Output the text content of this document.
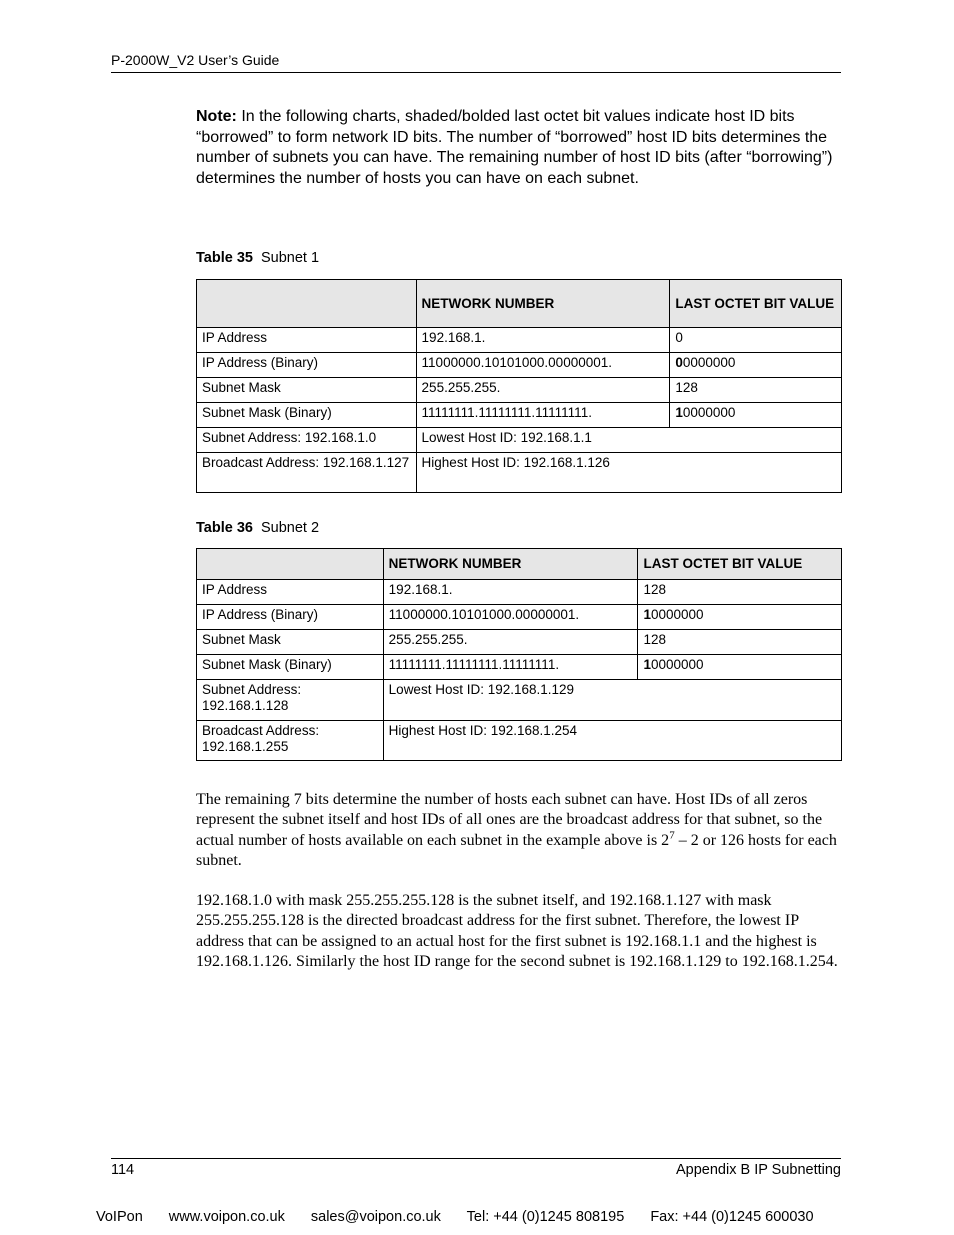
P-2000W_V2 User’s Guide
Note: In the following charts, shaded/bolded last octet bit values indicate host ID bits “borrowed” to form network ID bits. The number of “borrowed” host ID bits determines the number of subnets you can have. The remaining number of host ID bits (after “borrowing”) determines the number of hosts you can have on each subnet.
Table 35 Subnet 1
	NETWORK NUMBER	LAST OCTET BIT VALUE
IP Address	192.168.1.	0
IP Address (Binary)	11000000.10101000.00000001.	00000000
Subnet Mask	255.255.255.	128
Subnet Mask (Binary)	11111111.11111111.11111111.	10000000
Subnet Address: 192.168.1.0	Lowest Host ID: 192.168.1.1	
Broadcast Address: 192.168.1.127	Highest Host ID: 192.168.1.126	
Table 36 Subnet 2
	NETWORK NUMBER	LAST OCTET BIT VALUE
IP Address	192.168.1.	128
IP Address (Binary)	11000000.10101000.00000001.	10000000
Subnet Mask	255.255.255.	128
Subnet Mask (Binary)	11111111.11111111.11111111.	10000000
Subnet Address: 192.168.1.128	Lowest Host ID: 192.168.1.129	
Broadcast Address: 192.168.1.255	Highest Host ID: 192.168.1.254	
The remaining 7 bits determine the number of hosts each subnet can have. Host IDs of all zeros represent the subnet itself and host IDs of all ones are the broadcast address for that subnet, so the actual number of hosts available on each subnet in the example above is $2^7 - 2$ or 126 hosts for each subnet.
192.168.1.0 with mask 255.255.255.128 is the subnet itself, and 192.168.1.127 with mask 255.255.255.128 is the directed broadcast address for the first subnet. Therefore, the lowest IP address that can be assigned to an actual host for the first subnet is 192.168.1.1 and the highest is 192.168.1.126. Similarly the host ID range for the second subnet is 192.168.1.129 to 192.168.1.254.
114	Appendix B IP Subnetting
VoIPon www.voipon.co.uk sales@voipon.co.uk Tel: +44 (0)1245 808195 Fax: +44 (0)1245 600030
